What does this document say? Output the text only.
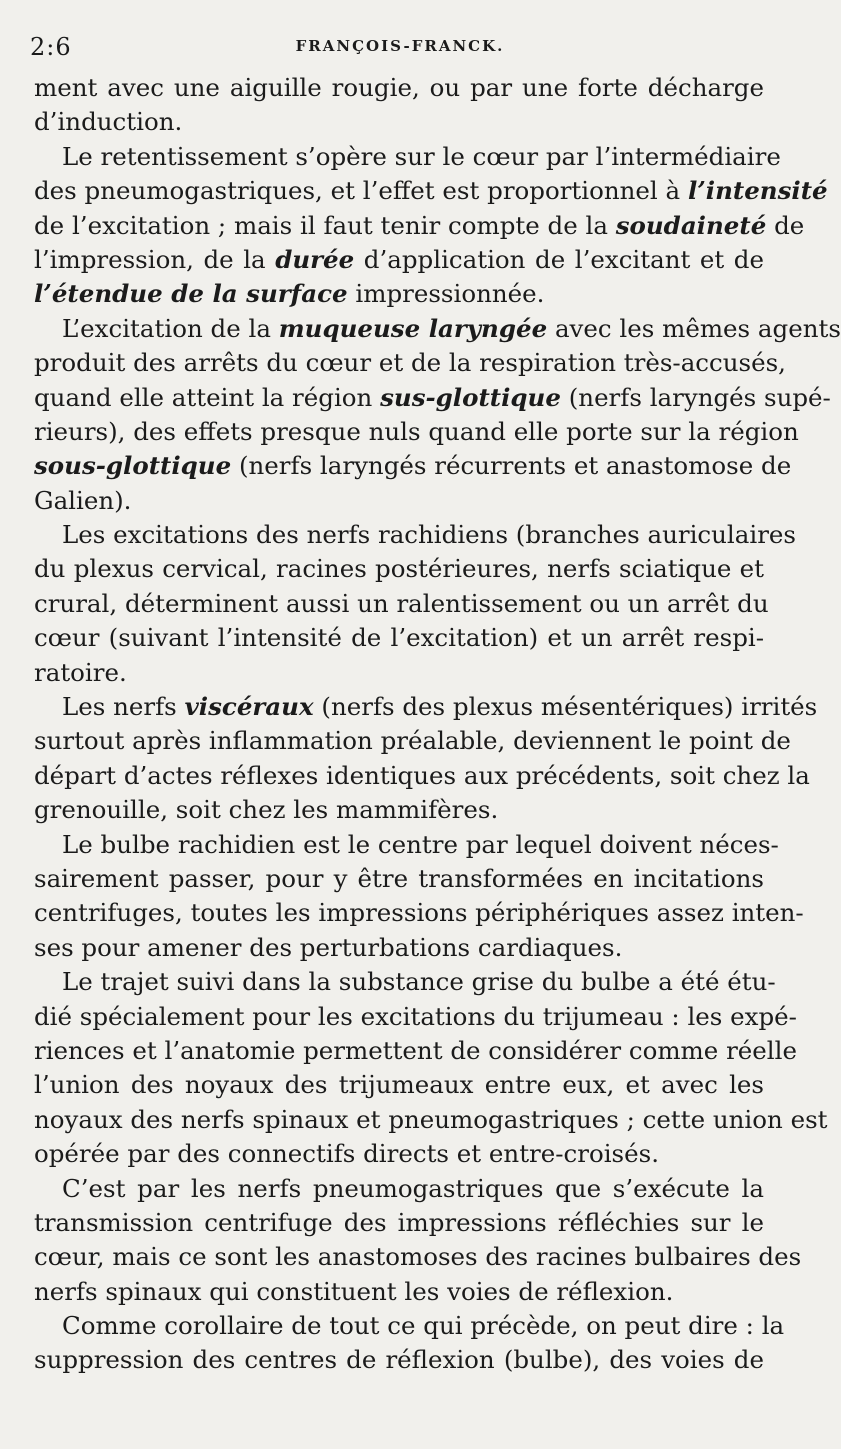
2:6	FRANÇOIS-FRANCK.
ment avec une aiguille rougie, ou par une forte décharge
d’induction.
Le retentissement s’opère sur le cœur par l’intermédiaire
des pneumogastriques, et l’effet est proportionnel à l’intensité
de l’excitation ; mais il faut tenir compte de la soudaineté de
l’impression, de la durée d’application de l’excitant et de
l’étendue de la surface impressionnée.
L’excitation de la muqueuse laryngée avec les mêmes agents
produit des arrêts du cœur et de la respiration très-accusés,
quand elle atteint la région sus-glottique (nerfs laryngés supé-
rieurs), des effets presque nuls quand elle porte sur la région
sous-glottique (nerfs laryngés récurrents et anastomose de
Galien).
Les excitations des nerfs rachidiens (branches auriculaires
du plexus cervical, racines postérieures, nerfs sciatique et
crural, déterminent aussi un ralentissement ou un arrêt du
cœur (suivant l’intensité de l’excitation) et un arrêt respi-
ratoire.
Les nerfs viscéraux (nerfs des plexus mésentériques) irrités
surtout après inflammation préalable, deviennent le point de
départ d’actes réflexes identiques aux précédents, soit chez la
grenouille, soit chez les mammifères.
Le bulbe rachidien est le centre par lequel doivent néces-
sairement passer, pour y être transformées en incitations
centrifuges, toutes les impressions périphériques assez inten-
ses pour amener des perturbations cardiaques.
Le trajet suivi dans la substance grise du bulbe a été étu-
dié spécialement pour les excitations du trijumeau : les expé-
riences et l’anatomie permettent de considérer comme réelle
l’union des noyaux des trijumeaux entre eux, et avec les
noyaux des nerfs spinaux et pneumogastriques ; cette union est
opérée par des connectifs directs et entre-croisés.
C’est par les nerfs pneumogastriques que s’exécute la
transmission centrifuge des impressions réfléchies sur le
cœur, mais ce sont les anastomoses des racines bulbaires des
nerfs spinaux qui constituent les voies de réflexion.
Comme corollaire de tout ce qui précède, on peut dire : la
suppression des centres de réflexion (bulbe), des voies de
